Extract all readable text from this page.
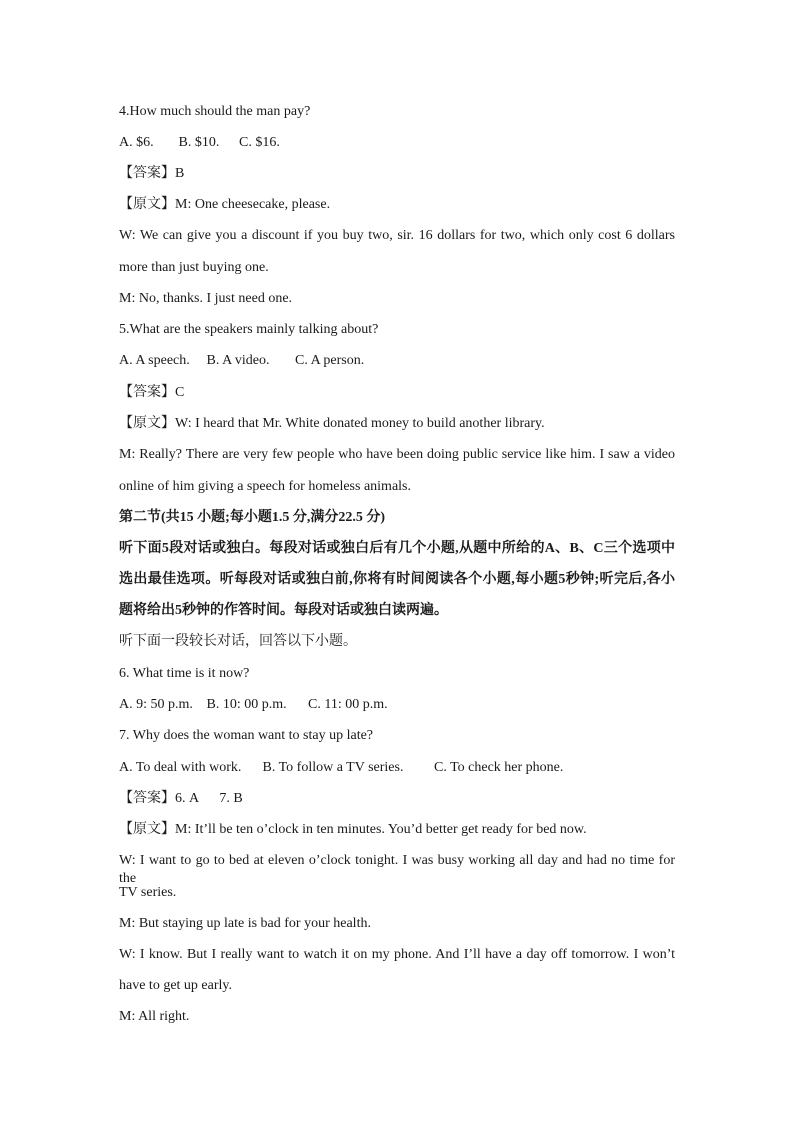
4.How much should the man pay?
A. $6. B. $10. C. $16.
【答案】B
【原文】M: One cheesecake, please.
W: We can give you a discount if you buy two, sir. 16 dollars for two, which only cost 6 dollars
more than just buying one.
M: No, thanks. I just need one.
5.What are the speakers mainly talking about?
A. A speech. B. A video. C. A person.
【答案】C
【原文】W: I heard that Mr. White donated money to build another library.
M: Really? There are very few people who have been doing public service like him. I saw a video
online of him giving a speech for homeless animals.
第二节(共15 小题;每小题1.5 分,满分22.5 分)
听下面5段对话或独白。每段对话或独白后有几个小题,从题中所给的A、B、C三个选项中
选出最佳选项。听每段对话或独白前,你将有时间阅读各个小题,每小题5秒钟;听完后,各小
题将给出5秒钟的作答时间。每段对话或独白读两遍。
听下面一段较长对话，回答以下小题。
6. What time is it now?
A. 9: 50 p.m. B. 10: 00 p.m. C. 11: 00 p.m.
7. Why does the woman want to stay up late?
A. To deal with work. B. To follow a TV series. C. To check her phone.
【答案】6. A      7. B
【原文】M: It’ll be ten o’clock in ten minutes. You’d better get ready for bed now.
W: I want to go to bed at eleven o’clock tonight. I was busy working all day and had no time for the
TV series.
M: But staying up late is bad for your health.
W: I know. But I really want to watch it on my phone. And I’ll have a day off tomorrow. I won’t
have to get up early.
M: All right.
